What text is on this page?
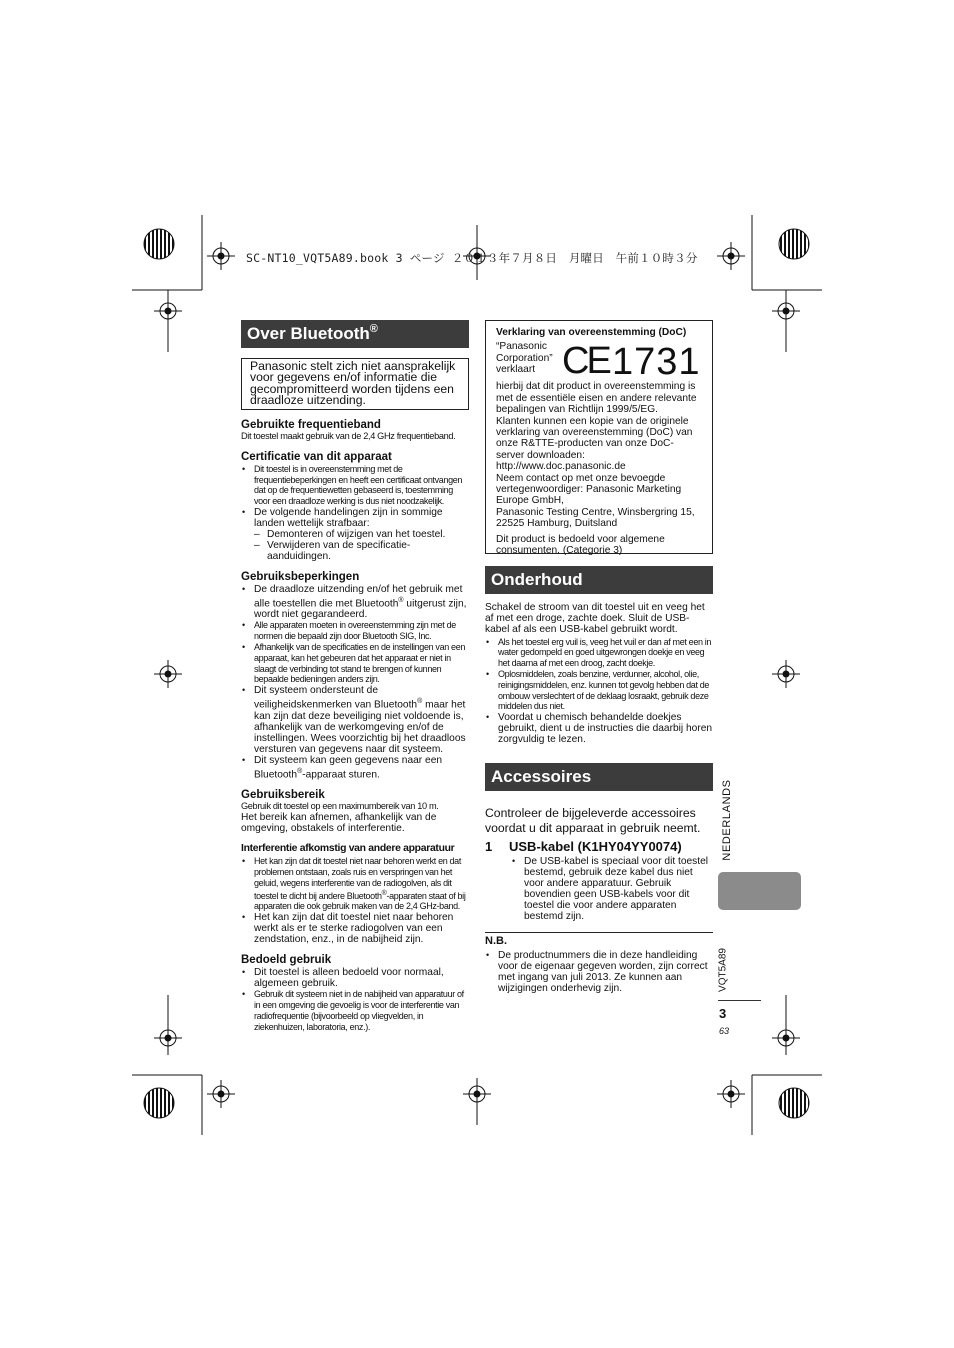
SC-NT10_VQT5A89.book 3 ページ ２０１３年７月８日　月曜日　午前１０時３分
Over Bluetooth®
Panasonic stelt zich niet aansprakelijk voor gegevens en/of informatie die gecompromitteerd worden tijdens een draadloze uitzending.
Gebruikte frequentieband
Dit toestel maakt gebruik van de 2,4 GHz frequentieband.
Certificatie van dit apparaat
• Dit toestel is in overeenstemming met de frequentiebeperkingen en heeft een certificaat ontvangen dat op de frequentiewetten gebaseerd is, toestemming voor een draadloze werking is dus niet noodzakelijk.
• De volgende handelingen zijn in sommige landen wettelijk strafbaar:
– Demonteren of wijzigen van het toestel.
– Verwijderen van de specificatie-aanduidingen.
Gebruiksbeperkingen
• De draadloze uitzending en/of het gebruik met alle toestellen die met Bluetooth® uitgerust zijn, wordt niet gegarandeerd.
• Alle apparaten moeten in overeenstemming zijn met de normen die bepaald zijn door Bluetooth SIG, Inc.
• Afhankelijk van de specificaties en de instellingen van een apparaat, kan het gebeuren dat het apparaat er niet in slaagt de verbinding tot stand te brengen of kunnen bepaalde bedieningen anders zijn.
• Dit systeem ondersteunt de veiligheidskenmerken van Bluetooth® maar het kan zijn dat deze beveiliging niet voldoende is, afhankelijk van de werkomgeving en/of de instellingen. Wees voorzichtig bij het draadloos versturen van gegevens naar dit systeem.
• Dit systeem kan geen gegevens naar een Bluetooth®-apparaat sturen.
Gebruiksbereik
Gebruik dit toestel op een maximumbereik van 10 m.
Het bereik kan afnemen, afhankelijk van de omgeving, obstakels of interferentie.
Interferentie afkomstig van andere apparatuur
• Het kan zijn dat dit toestel niet naar behoren werkt en dat problemen ontstaan, zoals ruis en verspringen van het geluid, wegens interferentie van de radiogolven, als dit toestel te dicht bij andere Bluetooth®-apparaten staat of bij apparaten die ook gebruik maken van de 2,4 GHz-band.
• Het kan zijn dat dit toestel niet naar behoren werkt als er te sterke radiogolven van een zendstation, enz., in de nabijheid zijn.
Bedoeld gebruik
• Dit toestel is alleen bedoeld voor normaal, algemeen gebruik.
• Gebruik dit systeem niet in de nabijheid van apparatuur of in een omgeving die gevoelig is voor de interferentie van radiofrequentie (bijvoorbeeld op vliegvelden, in ziekenhuizen, laboratoria, enz.).
Verklaring van overeenstemming (DoC)
“Panasonic
Corporation”
verklaart CE 1731
hierbij dat dit product in overeenstemming is met de essentiële eisen en andere relevante bepalingen van Richtlijn 1999/5/EG.
Klanten kunnen een kopie van de originele verklaring van overeenstemming (DoC) van onze R&TTE-producten van onze DoC-server downloaden:
http://www.doc.panasonic.de
Neem contact op met onze bevoegde vertegenwoordiger: Panasonic Marketing Europe GmbH,
Panasonic Testing Centre, Winsbergring 15, 22525 Hamburg, Duitsland
Dit product is bedoeld voor algemene consumenten. (Categorie 3)
Onderhoud
Schakel de stroom van dit toestel uit en veeg het af met een droge, zachte doek. Sluit de USB-kabel af als een USB-kabel gebruikt wordt.
• Als het toestel erg vuil is, veeg het vuil er dan af met een in water gedompeld en goed uitgewrongen doekje en veeg het daarna af met een droog, zacht doekje.
• Oplosmiddelen, zoals benzine, verdunner, alcohol, olie, reinigingsmiddelen, enz. kunnen tot gevolg hebben dat de ombouw verslechtert of de deklaag losraakt, gebruik deze middelen dus niet.
• Voordat u chemisch behandelde doekjes gebruikt, dient u de instructies die daarbij horen zorgvuldig te lezen.
Accessoires
Controleer de bijgeleverde accessoires voordat u dit apparaat in gebruik neemt.
1	USB-kabel (K1HY04YY0074)
• De USB-kabel is speciaal voor dit toestel bestemd, gebruik deze kabel dus niet voor andere apparatuur. Gebruik bovendien geen USB-kabels voor dit toestel die voor andere apparaten bestemd zijn.
N.B.
• De productnummers die in deze handleiding voor de eigenaar gegeven worden, zijn correct met ingang van juli 2013. Ze kunnen aan wijzigingen onderhevig zijn.
NEDERLANDS
VQT5A89
3
63
